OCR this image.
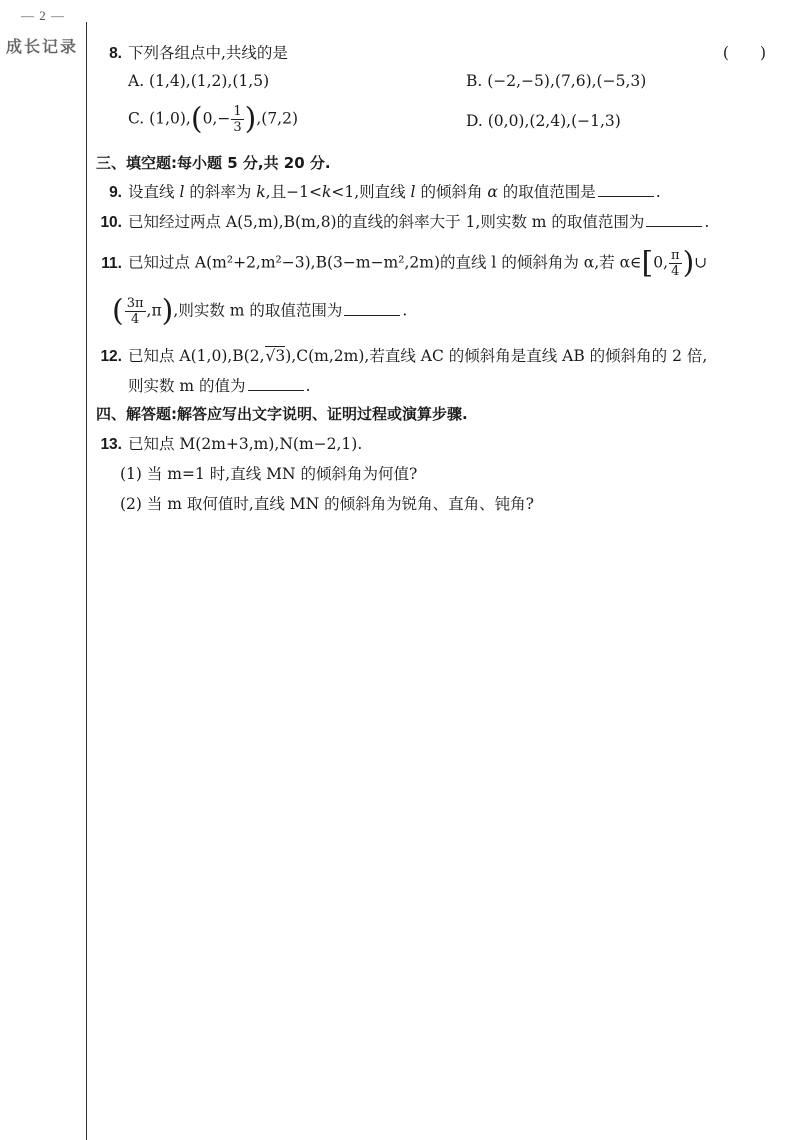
— 2 —
成长记录	8. 下列各组点中,共线的是	(　　)
A. (1,4),(1,2),(1,5)	B. (−2,−5),(7,6),(−5,3)
C. $(1,0),(0,- \frac{1}{3} ),(7,2)$	D. (0,0),(2,4),(−1,3)
三、填空题:每小题 5 分,共 20 分.
9. 设直线 l 的斜率为 k,且−1<k<1,则直线 l 的倾斜角 α 的取值范围是	.
10. 已知经过两点 A(5,m),B(m,8)的直线的斜率大于 1,则实数 m 的取值范围为	.
11. 已知过点 A(m²+2,m²−3),B(3−m−m²,2m)的直线 l 的倾斜角为 α,若 α∈[0, $\frac{\pi}{4}$ )∪
( $\frac{3\pi}{4} ,\pi$),则实数 m 的取值范围为	.
12. 已知点 A(1,0),B(2,√3),C(m,2m),若直线 AC 的倾斜角是直线 AB 的倾斜角的 2 倍,
则实数 m 的值为	.
四、解答题:解答应写出文字说明、证明过程或演算步骤.
13. 已知点 M(2m+3,m),N(m−2,1).
(1) 当 m=1 时,直线 MN 的倾斜角为何值?
(2) 当 m 取何值时,直线 MN 的倾斜角为锐角、直角、钝角?
